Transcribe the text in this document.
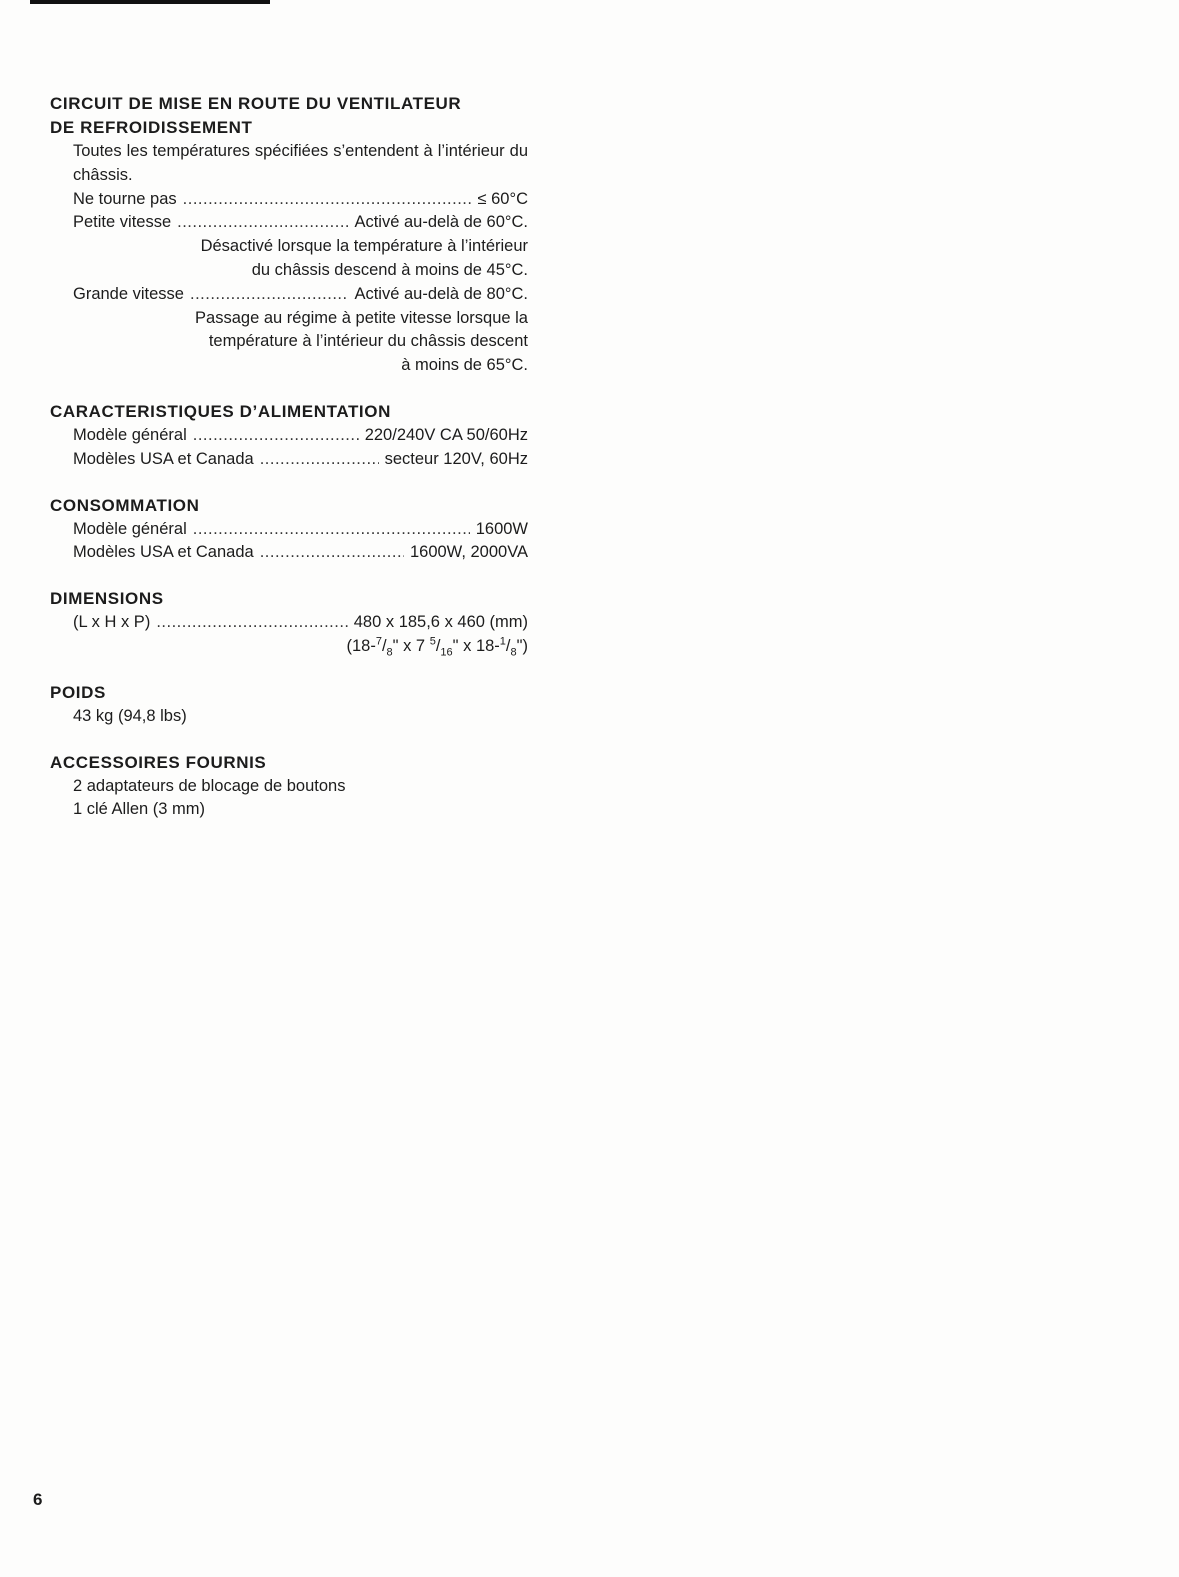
CIRCUIT DE MISE EN ROUTE DU VENTILATEUR
DE REFROIDISSEMENT
Toutes les températures spécifiées s’entendent à l’intérieur du châssis.
Ne tourne pas .....	≤ 60°C
Petite vitesse .....	Activé au-delà de 60°C.
Désactivé lorsque la température à l’intérieur
du châssis descend à moins de 45°C.
Grande vitesse .....	Activé au-delà de 80°C.
Passage au régime à petite vitesse lorsque la
température à l’intérieur du châssis descent
à moins de 65°C.
CARACTERISTIQUES D’ALIMENTATION
Modèle général .....	220/240V CA 50/60Hz
Modèles USA et Canada .....	secteur 120V, 60Hz
CONSOMMATION
Modèle général .....	1600W
Modèles USA et Canada .....	1600W, 2000VA
DIMENSIONS
(L x H x P) .....	480 x 185,6 x 460 (mm)
($18-^7/_8$" x 7 $^5/_{16}$" x $18-^1/_8$")
POIDS
43 kg (94,8 lbs)
ACCESSOIRES FOURNIS
2 adaptateurs de blocage de boutons
1 clé Allen (3 mm)
6
